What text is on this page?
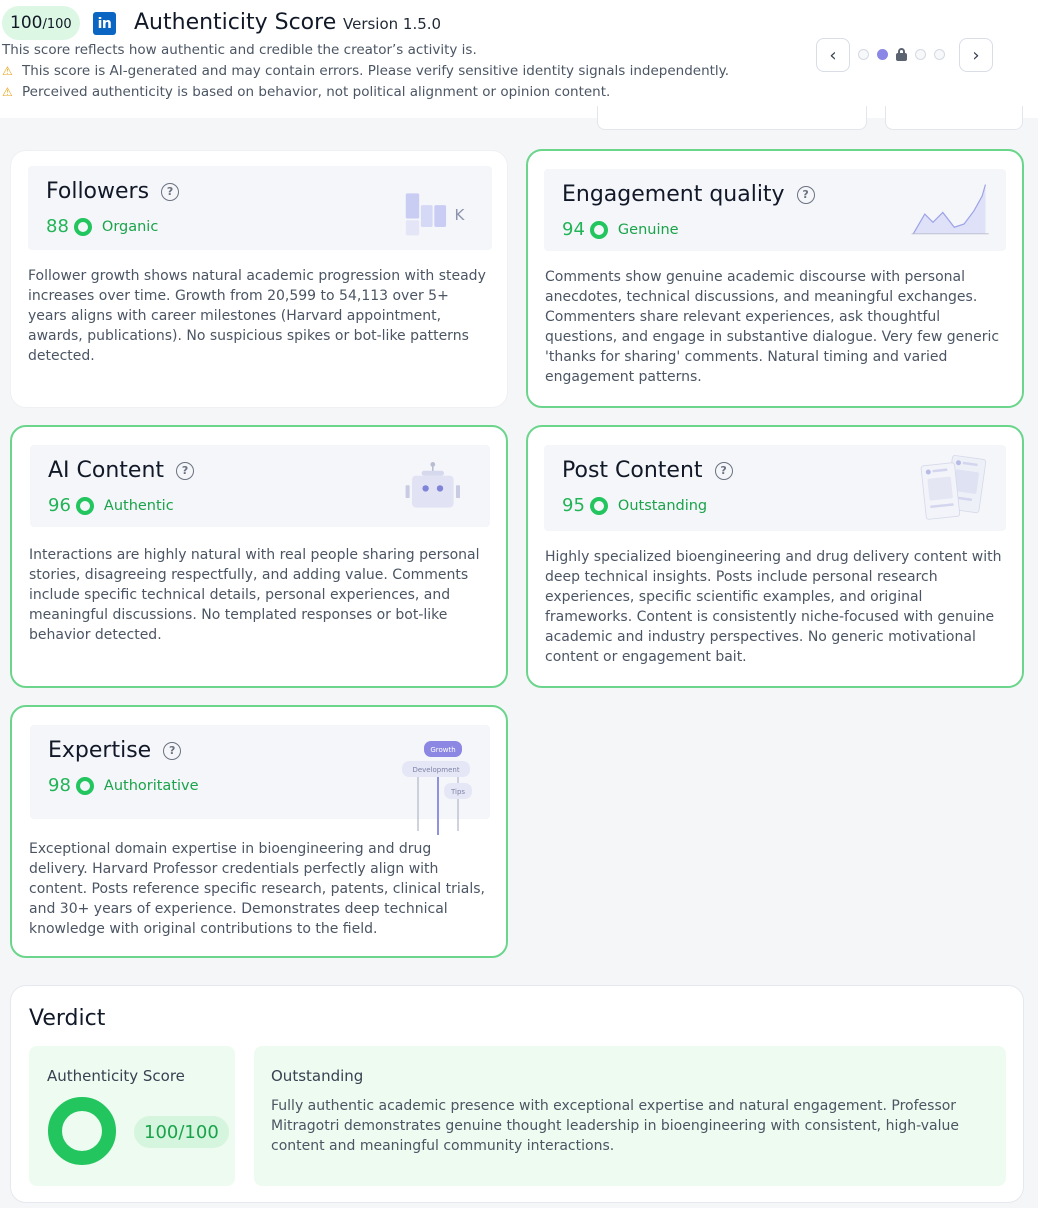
100 /100	in Authenticity Score Version 1.5.0
This score reflects how authentic and credible the creator’s activity is.
⚠ This score is AI-generated and may contain errors. Please verify sensitive identity signals independently.
⚠ Perceived authenticity is based on behavior, not political alignment or opinion content.
‹	›
Followers	?
88 Organic
K
Follower growth shows natural academic progression with steady increases over time. Growth from 20,599 to 54,113 over 5+ years aligns with career milestones (Harvard appointment, awards, publications). No suspicious spikes or bot-like patterns detected.
Engagement quality	?
94 Genuine
Comments show genuine academic discourse with personal anecdotes, technical discussions, and meaningful exchanges. Commenters share relevant experiences, ask thoughtful questions, and engage in substantive dialogue. Very few generic 'thanks for sharing' comments. Natural timing and varied engagement patterns.
AI Content	?
96 Authentic
Interactions are highly natural with real people sharing personal stories, disagreeing respectfully, and adding value. Comments include specific technical details, personal experiences, and meaningful discussions. No templated responses or bot-like behavior detected.
Post Content	?
95 Outstanding
Highly specialized bioengineering and drug delivery content with deep technical insights. Posts include personal research experiences, specific scientific examples, and original frameworks. Content is consistently niche-focused with genuine academic and industry perspectives. No generic motivational content or engagement bait.
Expertise	?
98 Authoritative
Growth
Development
Tips
Exceptional domain expertise in bioengineering and drug delivery. Harvard Professor credentials perfectly align with content. Posts reference specific research, patents, clinical trials, and 30+ years of experience. Demonstrates deep technical knowledge with original contributions to the field.
Verdict
Authenticity Score
100/100
Outstanding
Fully authentic academic presence with exceptional expertise and natural engagement. Professor Mitragotri demonstrates genuine thought leadership in bioengineering with consistent, high-value content and meaningful community interactions.
